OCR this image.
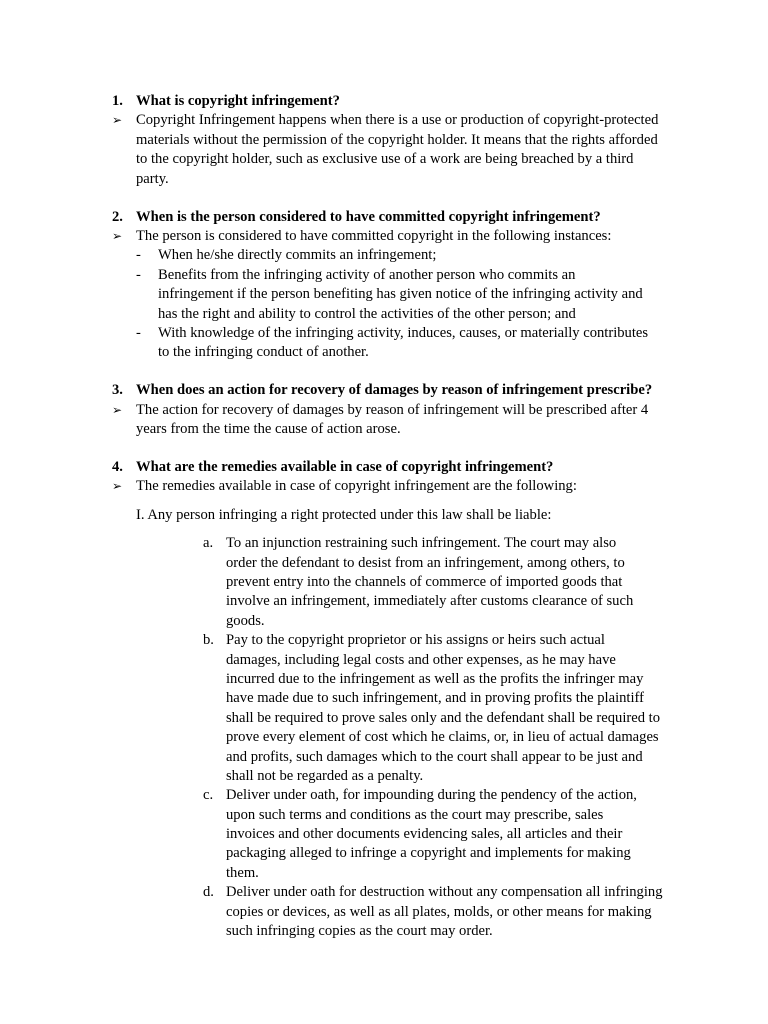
1. What is copyright infringement?
➢ Copyright Infringement happens when there is a use or production of copyright-protected
materials without the permission of the copyright holder. It means that the rights afforded
to the copyright holder, such as exclusive use of a work are being breached by a third
party.
2. When is the person considered to have committed copyright infringement?
➢ The person is considered to have committed copyright in the following instances:
- When he/she directly commits an infringement;
- Benefits from the infringing activity of another person who commits an
infringement if the person benefiting has given notice of the infringing activity and
has the right and ability to control the activities of the other person; and
- With knowledge of the infringing activity, induces, causes, or materially contributes
to the infringing conduct of another.
3. When does an action for recovery of damages by reason of infringement prescribe?
➢ The action for recovery of damages by reason of infringement will be prescribed after 4
years from the time the cause of action arose.
4. What are the remedies available in case of copyright infringement?
➢ The remedies available in case of copyright infringement are the following:
I. Any person infringing a right protected under this law shall be liable:
a. To an injunction restraining such infringement. The court may also
order the defendant to desist from an infringement, among others, to
prevent entry into the channels of commerce of imported goods that
involve an infringement, immediately after customs clearance of such
goods.
b. Pay to the copyright proprietor or his assigns or heirs such actual
damages, including legal costs and other expenses, as he may have
incurred due to the infringement as well as the profits the infringer may
have made due to such infringement, and in proving profits the plaintiff
shall be required to prove sales only and the defendant shall be required to
prove every element of cost which he claims, or, in lieu of actual damages
and profits, such damages which to the court shall appear to be just and
shall not be regarded as a penalty.
c. Deliver under oath, for impounding during the pendency of the action,
upon such terms and conditions as the court may prescribe, sales
invoices and other documents evidencing sales, all articles and their
packaging alleged to infringe a copyright and implements for making
them.
d. Deliver under oath for destruction without any compensation all infringing
copies or devices, as well as all plates, molds, or other means for making
such infringing copies as the court may order.
